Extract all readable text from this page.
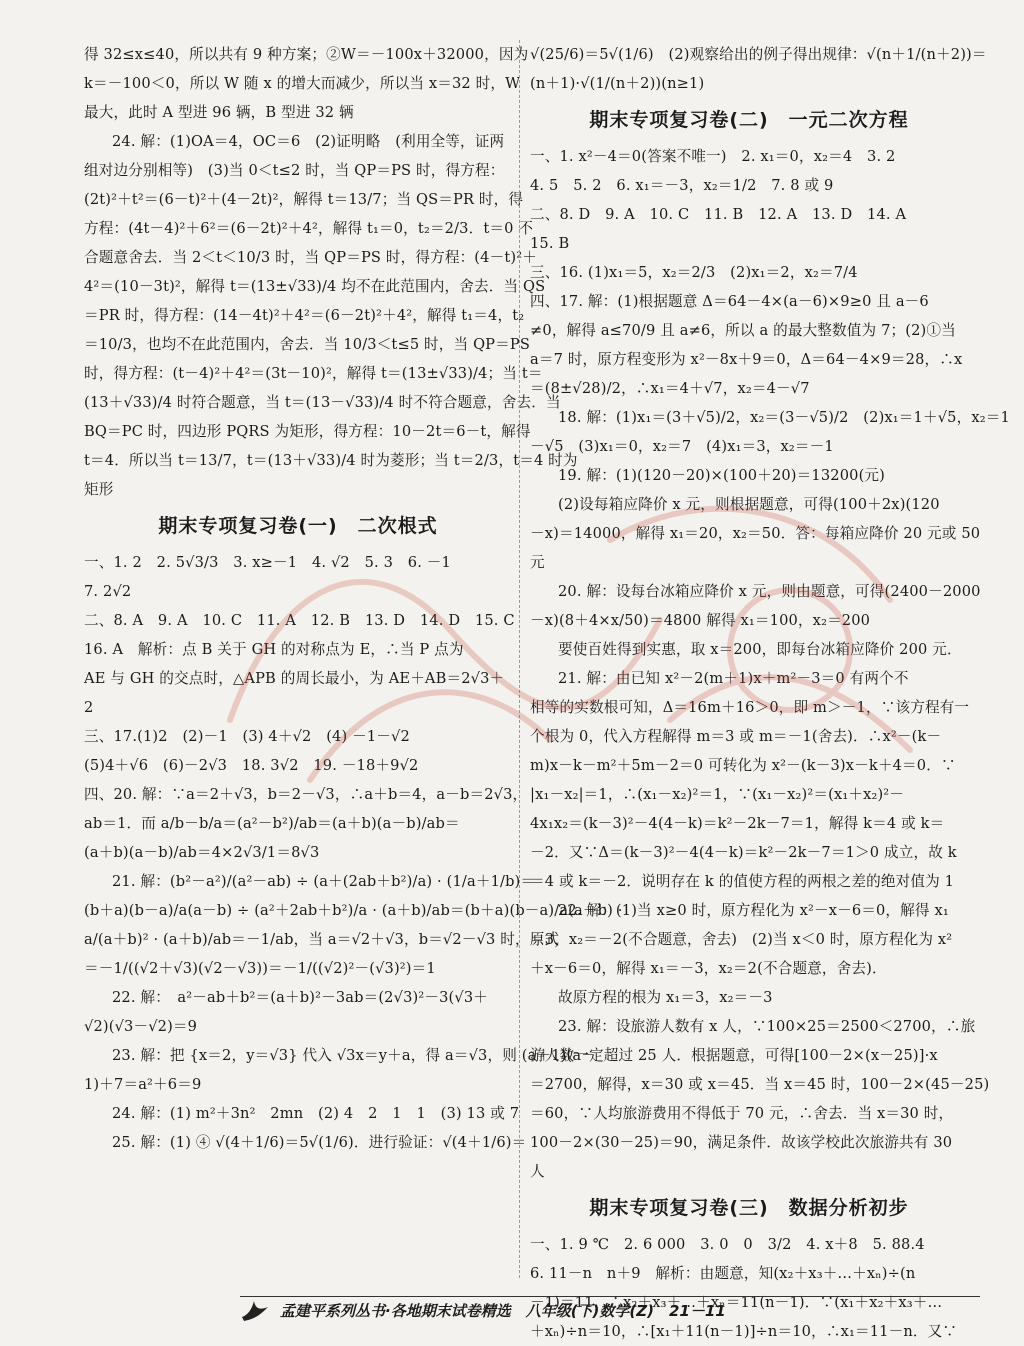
得 32≤x≤40，所以共有 9 种方案；②W＝－100x＋32000，因为
k＝－100＜0，所以 W 随 x 的增大而减少，所以当 x＝32 时，W
最大，此时 A 型进 96 辆，B 型进 32 辆
24. 解：(1)OA＝4，OC＝6　(2)证明略　(利用全等，证两
组对边分别相等)　(3)当 0＜t≤2 时，当 QP＝PS 时，得方程：
(2t)²＋t²＝(6－t)²＋(4－2t)²，解得 t＝13/7；当 QS＝PR 时，得
方程：(4t－4)²＋6²＝(6－2t)²＋4²，解得 t₁＝0，t₂＝2/3．t＝0 不
合题意舍去．当 2＜t＜10/3 时，当 QP＝PS 时，得方程：(4－t)²＋
4²＝(10－3t)²，解得 t＝(13±√33)/4 均不在此范围内，舍去．当 QS
＝PR 时，得方程：(14－4t)²＋4²＝(6－2t)²＋4²，解得 t₁＝4，t₂
＝10/3，也均不在此范围内，舍去．当 10/3＜t≤5 时，当 QP＝PS
时，得方程：(t－4)²＋4²＝(3t－10)²，解得 t＝(13±√33)/4；当 t＝
(13＋√33)/4 时符合题意，当 t＝(13－√33)/4 时不符合题意，舍去．当
BQ＝PC 时，四边形 PQRS 为矩形，得方程：10－2t＝6－t，解得
t＝4．所以当 t＝13/7，t＝(13＋√33)/4 时为菱形；当 t＝2/3，t＝4 时为
矩形
期末专项复习卷(一)　二次根式
一、1. 2　2. 5√3/3　3. x≥－1　4. √2　5. 3　6. －1
7. 2√2
二、8. A　9. A　10. C　11. A　12. B　13. D　14. D　15. C
16. A　解析：点 B 关于 GH 的对称点为 E，∴当 P 点为
AE 与 GH 的交点时，△APB 的周长最小，为 AE＋AB＝2√3＋
2
三、17.(1)2　(2)－1　(3) 4＋√2　(4) －1－√2
(5)4＋√6　(6)－2√3　18. 3√2　19. －18＋9√2
四、20. 解：∵a＝2＋√3，b＝2－√3，∴a＋b＝4，a－b＝2√3，
ab＝1．而 a/b－b/a＝(a²－b²)/ab＝(a＋b)(a－b)/ab＝
(a＋b)(a－b)/ab＝4×2√3/1＝8√3
21. 解：(b²－a²)/(a²－ab) ÷ (a＋(2ab＋b²)/a) · (1/a＋1/b)＝
(b＋a)(b－a)/a(a－b) ÷ (a²＋2ab＋b²)/a · (a＋b)/ab＝(b＋a)(b－a)/a(a－b) ·
a/(a＋b)² · (a＋b)/ab＝－1/ab，当 a＝√2＋√3，b＝√2－√3 时，原式
＝－1/((√2＋√3)(√2－√3))＝－1/((√2)²－(√3)²)＝1
22. 解：　a²－ab＋b²＝(a＋b)²－3ab＝(2√3)²－3(√3＋
√2)(√3－√2)＝9
23. 解：把 {x＝2，y＝√3} 代入 √3x＝y＋a，得 a＝√3，则 (a＋1)(a－
1)＋7＝a²＋6＝9
24. 解：(1) m²＋3n²　2mn　(2) 4　2　1　1　(3) 13 或 7
25. 解：(1) ④ √(4＋1/6)＝5√(1/6)．进行验证：√(4＋1/6)＝
√(25/6)＝5√(1/6)　(2)观察给出的例子得出规律：√(n＋1/(n＋2))＝
(n＋1)·√(1/(n＋2))(n≥1)
期末专项复习卷(二)　一元二次方程
一、1. x²－4＝0(答案不唯一)　2. x₁＝0，x₂＝4　3. 2
4. 5　5. 2　6. x₁＝－3，x₂＝1/2　7. 8 或 9
二、8. D　9. A　10. C　11. B　12. A　13. D　14. A
15. B
三、16. (1)x₁＝5，x₂＝2/3　(2)x₁＝2，x₂＝7/4
四、17. 解：(1)根据题意 Δ＝64－4×(a－6)×9≥0 且 a－6
≠0，解得 a≤70/9 且 a≠6，所以 a 的最大整数值为 7；(2)①当
a＝7 时，原方程变形为 x²－8x＋9＝0，Δ＝64－4×9＝28，∴x
＝(8±√28)/2，∴x₁＝4＋√7，x₂＝4－√7
18. 解：(1)x₁＝(3＋√5)/2，x₂＝(3－√5)/2　(2)x₁＝1＋√5，x₂＝1
－√5　(3)x₁＝0，x₂＝7　(4)x₁＝3，x₂＝－1
19. 解：(1)(120－20)×(100＋20)＝13200(元)
(2)设每箱应降价 x 元，则根据题意，可得(100＋2x)(120
－x)＝14000，解得 x₁＝20，x₂＝50．答：每箱应降价 20 元或 50
元
20. 解：设每台冰箱应降价 x 元，则由题意，可得(2400－2000
－x)(8＋4×x/50)＝4800 解得 x₁＝100，x₂＝200
要使百姓得到实惠，取 x＝200，即每台冰箱应降价 200 元．
21. 解：由已知 x²－2(m＋1)x＋m²－3＝0 有两个不
相等的实数根可知，Δ＝16m＋16＞0，即 m＞－1，∵该方程有一
个根为 0，代入方程解得 m＝3 或 m＝－1(舍去)．∴x²－(k－
m)x－k－m²＋5m－2＝0 可转化为 x²－(k－3)x－k＋4＝0．∵
|x₁－x₂|＝1，∴(x₁－x₂)²＝1，∵(x₁－x₂)²＝(x₁＋x₂)²－
4x₁x₂＝(k－3)²－4(4－k)＝k²－2k－7＝1，解得 k＝4 或 k＝
－2．又∵Δ＝(k－3)²－4(4－k)＝k²－2k－7＝1＞0 成立，故 k
＝4 或 k＝－2．说明存在 k 的值使方程的两根之差的绝对值为 1
22. 解：(1)当 x≥0 时，原方程化为 x²－x－6＝0，解得 x₁
＝3，x₂＝－2(不合题意，舍去)　(2)当 x＜0 时，原方程化为 x²
＋x－6＝0，解得 x₁＝－3，x₂＝2(不合题意，舍去)．
故原方程的根为 x₁＝3，x₂＝－3
23. 解：设旅游人数有 x 人，∵100×25＝2500＜2700，∴旅
游人数一定超过 25 人．根据题意，可得[100－2×(x－25)]·x
＝2700，解得，x＝30 或 x＝45．当 x＝45 时，100－2×(45－25)
＝60，∵人均旅游费用不得低于 70 元，∴舍去．当 x＝30 时，
100－2×(30－25)＝90，满足条件．故该学校此次旅游共有 30
人
期末专项复习卷(三)　数据分析初步
一、1. 9 ℃　2. 6 000　3. 0　0　3/2　4. x＋8　5. 88.4
6. 11－n　n＋9　解析：由题意，知(x₂＋x₃＋…＋xₙ)÷(n
－1)＝11，∴x₂＋x₃＋…＋xₙ＝11(n－1)．∵(x₁＋x₂＋x₃＋…
＋xₙ)÷n＝10，∴[x₁＋11(n－1)]÷n＝10，∴x₁＝11－n．又∵
孟建平系列丛书·各地期末试卷精选　八年级(下)数学(Z)　21－11
